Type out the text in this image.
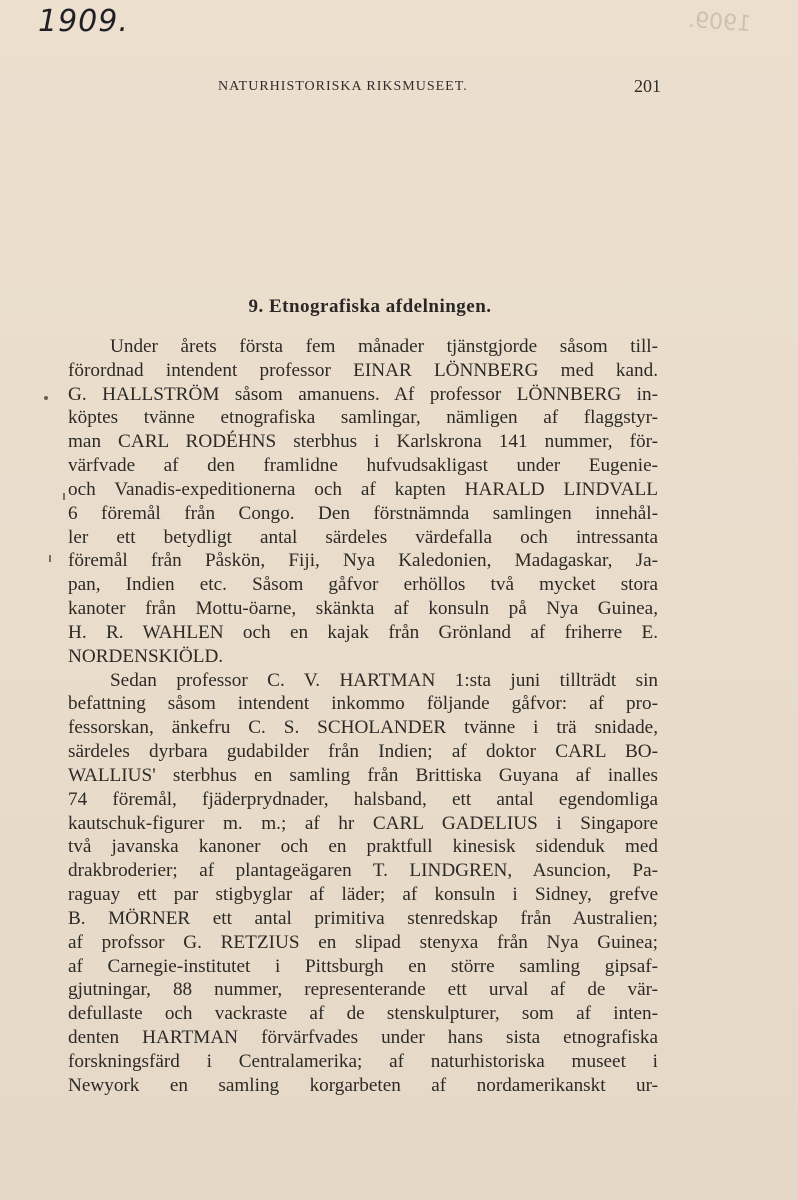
1909.	1909.
NATURHISTORISKA RIKSMUSEET.	201
9. Etnografiska afdelningen.
Under årets första fem månader tjänstgjorde såsom till-
förordnad intendent professor EINAR LÖNNBERG med kand.
G. HALLSTRÖM såsom amanuens. Af professor LÖNNBERG in-
köptes tvänne etnografiska samlingar, nämligen af flaggstyr-
man CARL RODÉHNS sterbhus i Karlskrona 141 nummer, för-
värfvade af den framlidne hufvudsakligast under Eugenie-
och Vanadis-expeditionerna och af kapten HARALD LINDVALL
6 föremål från Congo. Den förstnämnda samlingen innehål-
ler ett betydligt antal särdeles värdefalla och intressanta
föremål från Påskön, Fiji, Nya Kaledonien, Madagaskar, Ja-
pan, Indien etc. Såsom gåfvor erhöllos två mycket stora
kanoter från Mottu-öarne, skänkta af konsuln på Nya Guinea,
H. R. WAHLEN och en kajak från Grönland af friherre E.
NORDENSKIÖLD.
Sedan professor C. V. HARTMAN 1:sta juni tillträdt sin
befattning såsom intendent inkommo följande gåfvor: af pro-
fessorskan, änkefru C. S. SCHOLANDER tvänne i trä snidade,
särdeles dyrbara gudabilder från Indien; af doktor CARL BO-
WALLIUS' sterbhus en samling från Brittiska Guyana af inalles
74 föremål, fjäderprydnader, halsband, ett antal egendomliga
kautschuk-figurer m. m.; af hr CARL GADELIUS i Singapore
två javanska kanoner och en praktfull kinesisk sidenduk med
drakbroderier; af plantageägaren T. LINDGREN, Asuncion, Pa-
raguay ett par stigbyglar af läder; af konsuln i Sidney, grefve
B. MÖRNER ett antal primitiva stenredskap från Australien;
af profssor G. RETZIUS en slipad stenyxa från Nya Guinea;
af Carnegie-institutet i Pittsburgh en större samling gipsaf-
gjutningar, 88 nummer, representerande ett urval af de vär-
defullaste och vackraste af de stenskulpturer, som af inten-
denten HARTMAN förvärfvades under hans sista etnografiska
forskningsfärd i Centralamerika; af naturhistoriska museet i
Newyork en samling korgarbeten af nordamerikanskt ur-
